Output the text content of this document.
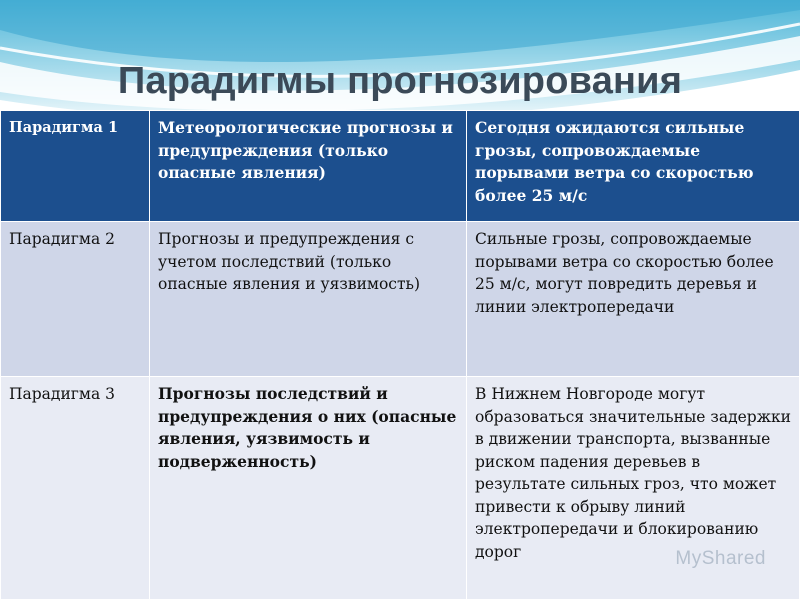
Парадигмы прогнозирования
Парадигма 1	Метеорологические прогнозы и предупреждения (только опасные явления)	Сегодня ожидаются сильные грозы, сопровождаемые порывами ветра со скоростью более 25 м/с
Парадигма 2	Прогнозы и предупреждения с учетом последствий (только опасные явления и уязвимость)	Сильные грозы, сопровождаемые порывами ветра со скоростью более 25 м/с, могут повредить деревья и линии электропередачи
Парадигма 3	Прогнозы последствий и предупреждения о них (опасные явления, уязвимость и подверженность)	В Нижнем Новгороде могут образоваться значительные задержки в движении транспорта, вызванные риском падения деревьев в результате сильных гроз, что может привести к обрыву линий электропередачи и блокированию дорог	MyShared
